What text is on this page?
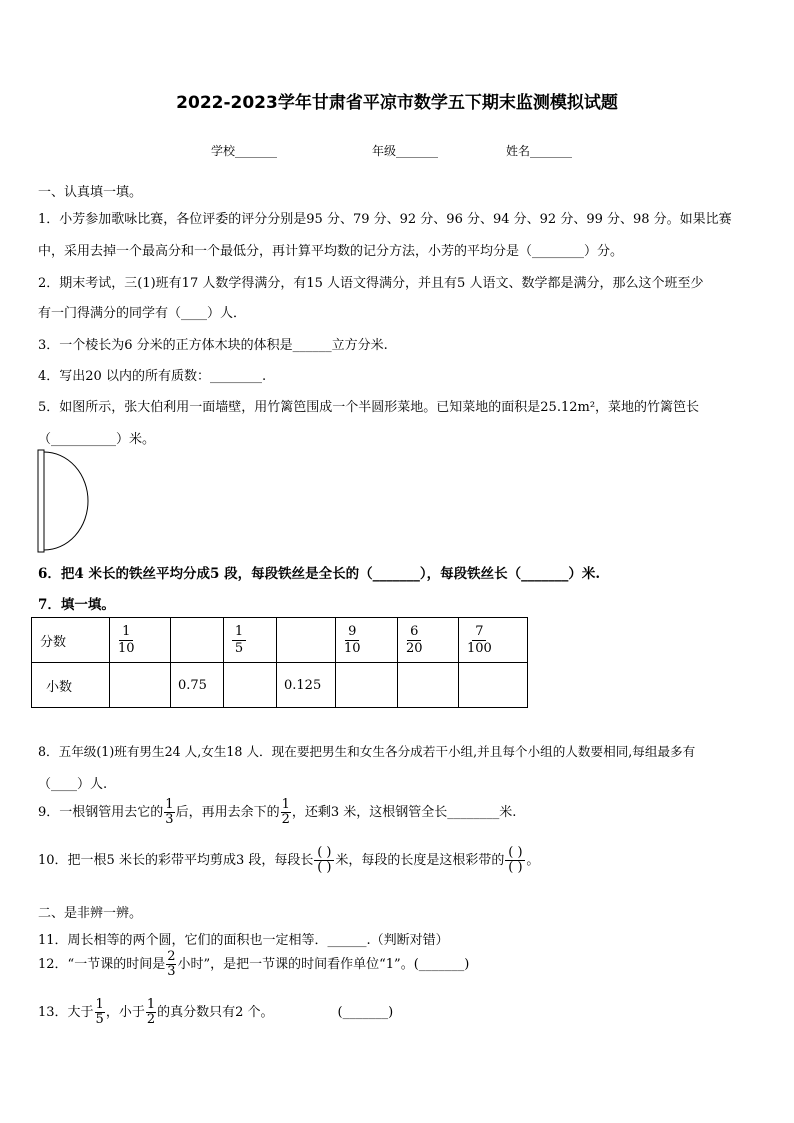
2022-2023学年甘肃省平凉市数学五下期末监测模拟试题
学校_______	年级_______	姓名_______
一、认真填一填。
1．小芳参加歌咏比赛，各位评委的评分分别是95 分、79 分、92 分、96 分、94 分、92 分、99 分、98 分。如果比赛
中，采用去掉一个最高分和一个最低分，再计算平均数的记分方法，小芳的平均分是（________）分。
2．期末考试，三(1)班有17 人数学得满分，有15 人语文得满分，并且有5 人语文、数学都是满分，那么这个班至少
有一门得满分的同学有（____）人．
3．一个棱长为6 分米的正方体木块的体积是______立方分米.
4．写出20 以内的所有质数：________.
5．如图所示，张大伯利用一面墙壁，用竹篱笆围成一个半圆形菜地。已知菜地的面积是25.12m²，菜地的竹篱笆长
（__________）米。
6．把4 米长的铁丝平均分成5 段，每段铁丝是全长的（_______），每段铁丝长（_______）米.
7．填一填。
分数	$\frac{1}{10}$		$\frac{1}{5}$		$\frac{9}{10}$	$\frac{6}{20}$	$\frac{7}{100}$

小数		0.75		0.125			
8．五年级(1)班有男生24 人,女生18 人．现在要把男生和女生各分成若干小组,并且每个小组的人数要相同,每组最多有
（____）人.
9．一根钢管用去它的 $\frac{1}{3}$ 后，再用去余下的 $\frac{1}{2}$ ，还剩3 米，这根钢管全长________米.
10．把一根5 米长的彩带平均剪成3 段，每段长 $\frac{( )}{( )}$ 米，每段的长度是这根彩带的 $\frac{( )}{( )}$ 。
二、是非辨一辨。
11．周长相等的两个圆，它们的面积也一定相等．______.（判断对错）
12．“一节课的时间是 $\frac{2}{3}$ 小时”，是把一节课的时间看作单位“1”。(_______)
13．大于 $\frac{1}{5}$ ，小于 $\frac{1}{2}$ 的真分数只有2 个。	(_______)
